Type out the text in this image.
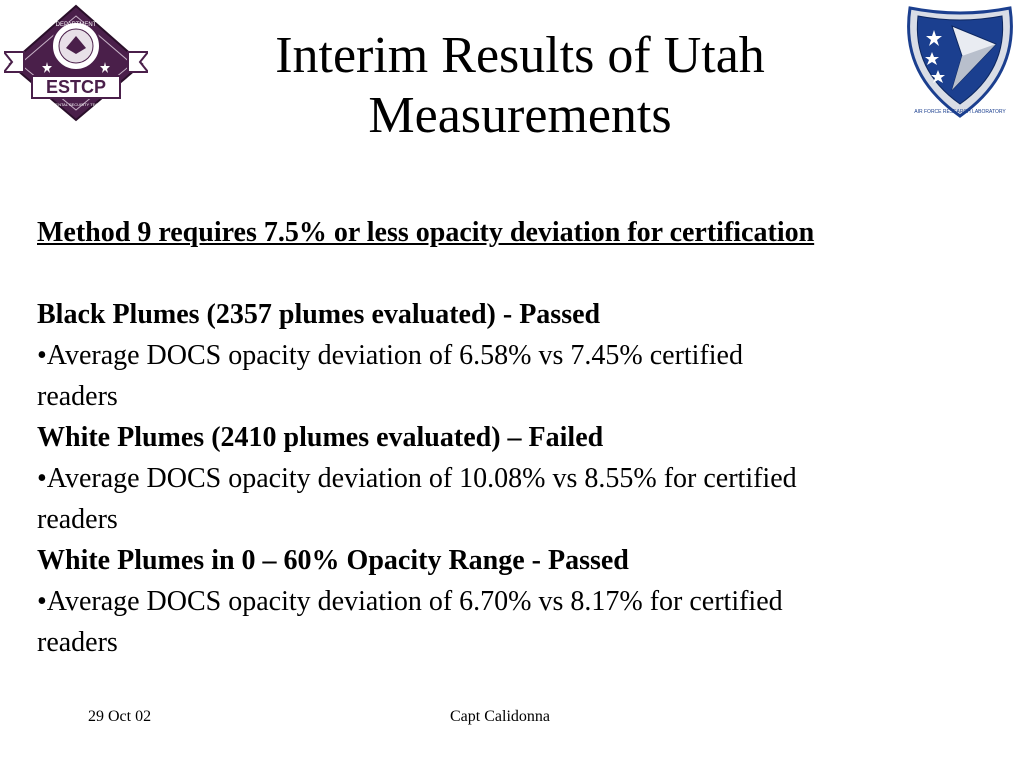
DEPARTMENT
ESTCP
ENVIRONMENTAL SECURITY TECHNOLOGY
AIR FORCE RESEARCH LABORATORY
Interim Results of Utah
Measurements

Method 9 requires 7.5% or less opacity deviation for certification

Black Plumes (2357 plumes evaluated) - Passed

•Average DOCS opacity deviation of 6.58% vs 7.45% certified

readers

White Plumes (2410 plumes evaluated) – Failed

•Average DOCS opacity deviation of 10.08% vs 8.55% for certified

readers

White Plumes in 0 – 60% Opacity Range - Passed

•Average DOCS opacity deviation of 6.70% vs 8.17% for certified

readers

29 Oct 02	Capt Calidonna
